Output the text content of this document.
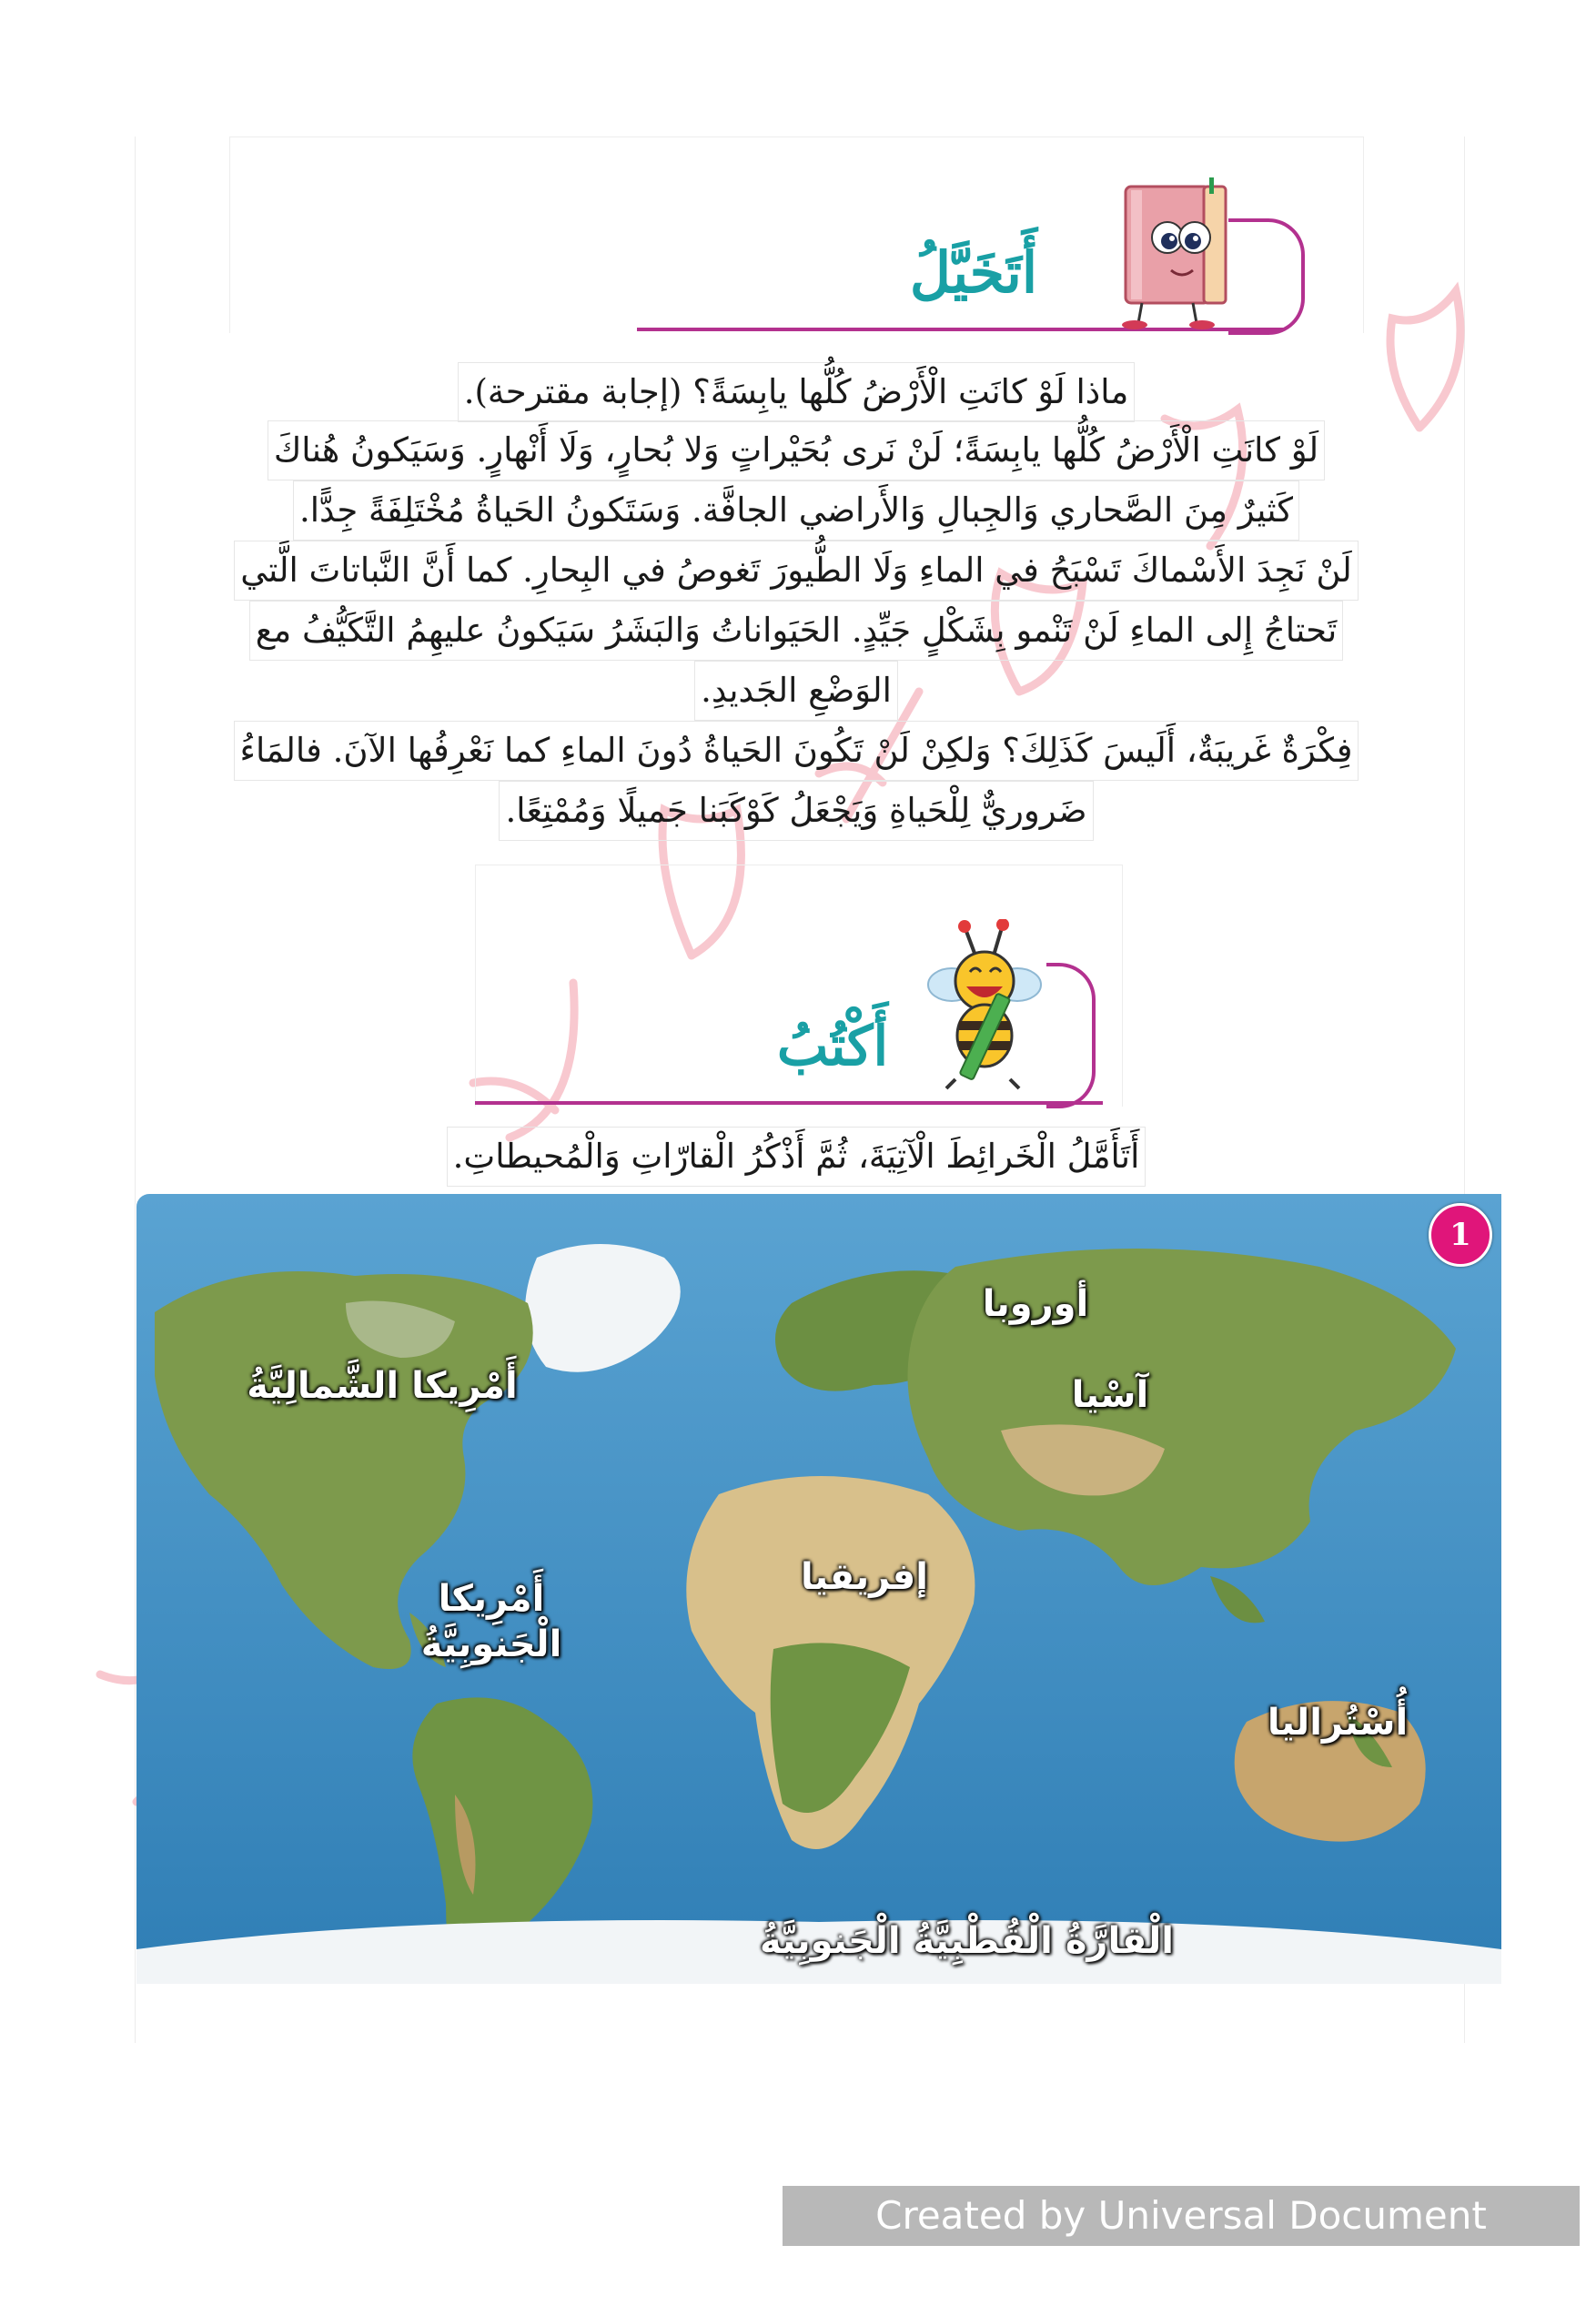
أَتَخَيَّلُ
ماذا لَوْ كانَتِ الْأَرْضُ كُلُّها يابِسَةً؟ (إجابة مقترحة).
لَوْ كانَتِ الْأَرْضُ كُلُّها يابِسَةً؛ لَنْ نَرى بُحَيْراتٍ وَلا بُحارٍ، وَلَا أَنْهارٍ. وَسَيَكونُ هُناكَ
كَثيرٌ مِنَ الصَّحاري وَالجِبالِ وَالأَراضي الجافَّة. وَسَتَكونُ الحَياةُ مُخْتَلِفَةً جِدًّا.
لَنْ نَجِدَ الأَسْماكَ تَسْبَحُ في الماءِ وَلَا الطُّيورَ تَغوصُ في البِحارِ. كما أَنَّ النَّباتاتَ الَّتي
تَحتاجُ إِلى الماءِ لَنْ تَنْمو بِشَكْلٍ جَيِّدٍ. الحَيَواناتُ وَالبَشَرُ سَيَكونُ عليهِمُ التَّكَيُّفُ مع
الوَضْعِ الجَديدِ.
فِكْرَةٌ غَريبَةٌ، أَلَيسَ كَذَلِكَ؟ وَلكِنْ لَنْ تَكُونَ الحَياةُ دُونَ الماءِ كما نَعْرِفُها الآنَ. فالمَاءُ
ضَروريٌّ لِلْحَياةِ وَيَجْعَلُ كَوْكَبَنا جَميلًا وَمُمْتِعًا.
أَكْتُبُ
أَتَأَمَّلُ الْخَرائِطَ الْآتِيَةَ، ثُمَّ أَذْكُرُ الْقارّاتِ وَالْمُحيطاتِ.
1
أوروبا
أَمْرِيكا الشَّمالِيَّةُ	آسْيا
إفريقيا
أَمْرِيكا
الْجَنوبِيَّةُ
أُسْتُراليا
الْقارَّةُ الْقُطْبِيَّةُ الْجَنوبِيَّةُ
Created by Universal Document Converter
